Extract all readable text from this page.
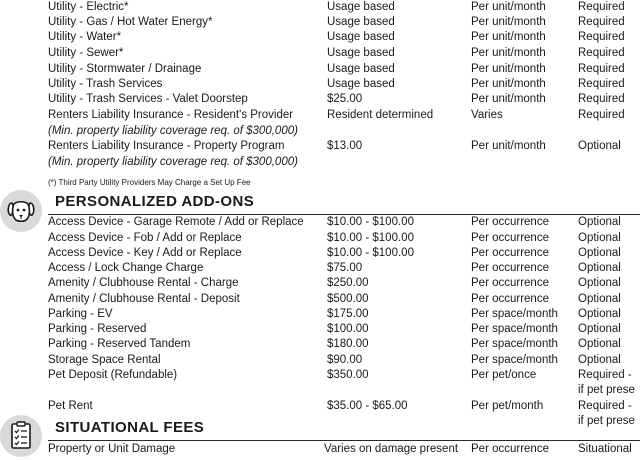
Utility - Electric*	Usage based	Per unit/month	Required
Utility - Gas / Hot Water Energy*	Usage based	Per unit/month	Required
Utility - Water*	Usage based	Per unit/month	Required
Utility - Sewer*	Usage based	Per unit/month	Required
Utility - Stormwater / Drainage	Usage based	Per unit/month	Required
Utility - Trash Services	Usage based	Per unit/month	Required
Utility - Trash Services - Valet Doorstep	$25.00	Per unit/month	Required
Renters Liability Insurance - Resident's Provider	Resident determined	Varies	Required
(Min. property liability coverage req. of $300,000)
Renters Liability Insurance - Property Program	$13.00	Per unit/month	Optional
(Min. property liability coverage req. of $300,000)
(*) Third Party Utility Providers May Charge a Set Up Fee
PERSONALIZED ADD-ONS
Access Device - Garage Remote / Add or Replace $10.00 - $100.00	Per occurrence	Optional
Access Device - Fob / Add or Replace	$10.00 - $100.00	Per occurrence	Optional
Access Device - Key / Add or Replace	$10.00 - $100.00	Per occurrence	Optional
Access / Lock Change Charge	$75.00	Per occurrence	Optional
Amenity / Clubhouse Rental - Charge	$250.00	Per occurrence	Optional
Amenity / Clubhouse Rental - Deposit	$500.00	Per occurrence	Optional
Parking - EV	$175.00	Per space/month Optional
Parking - Reserved	$100.00	Per space/month Optional
Parking - Reserved Tandem	$180.00	Per space/month Optional
Storage Space Rental	$90.00	Per space/month Optional
Pet Deposit (Refundable)	$350.00	Per pet/once	Required -
if pet prese
Pet Rent	$35.00 - $65.00	Per pet/month	Required -
if pet prese
SITUATIONAL FEES
Property or Unit Damage	Varies on damage present Per occurrence	Situational
